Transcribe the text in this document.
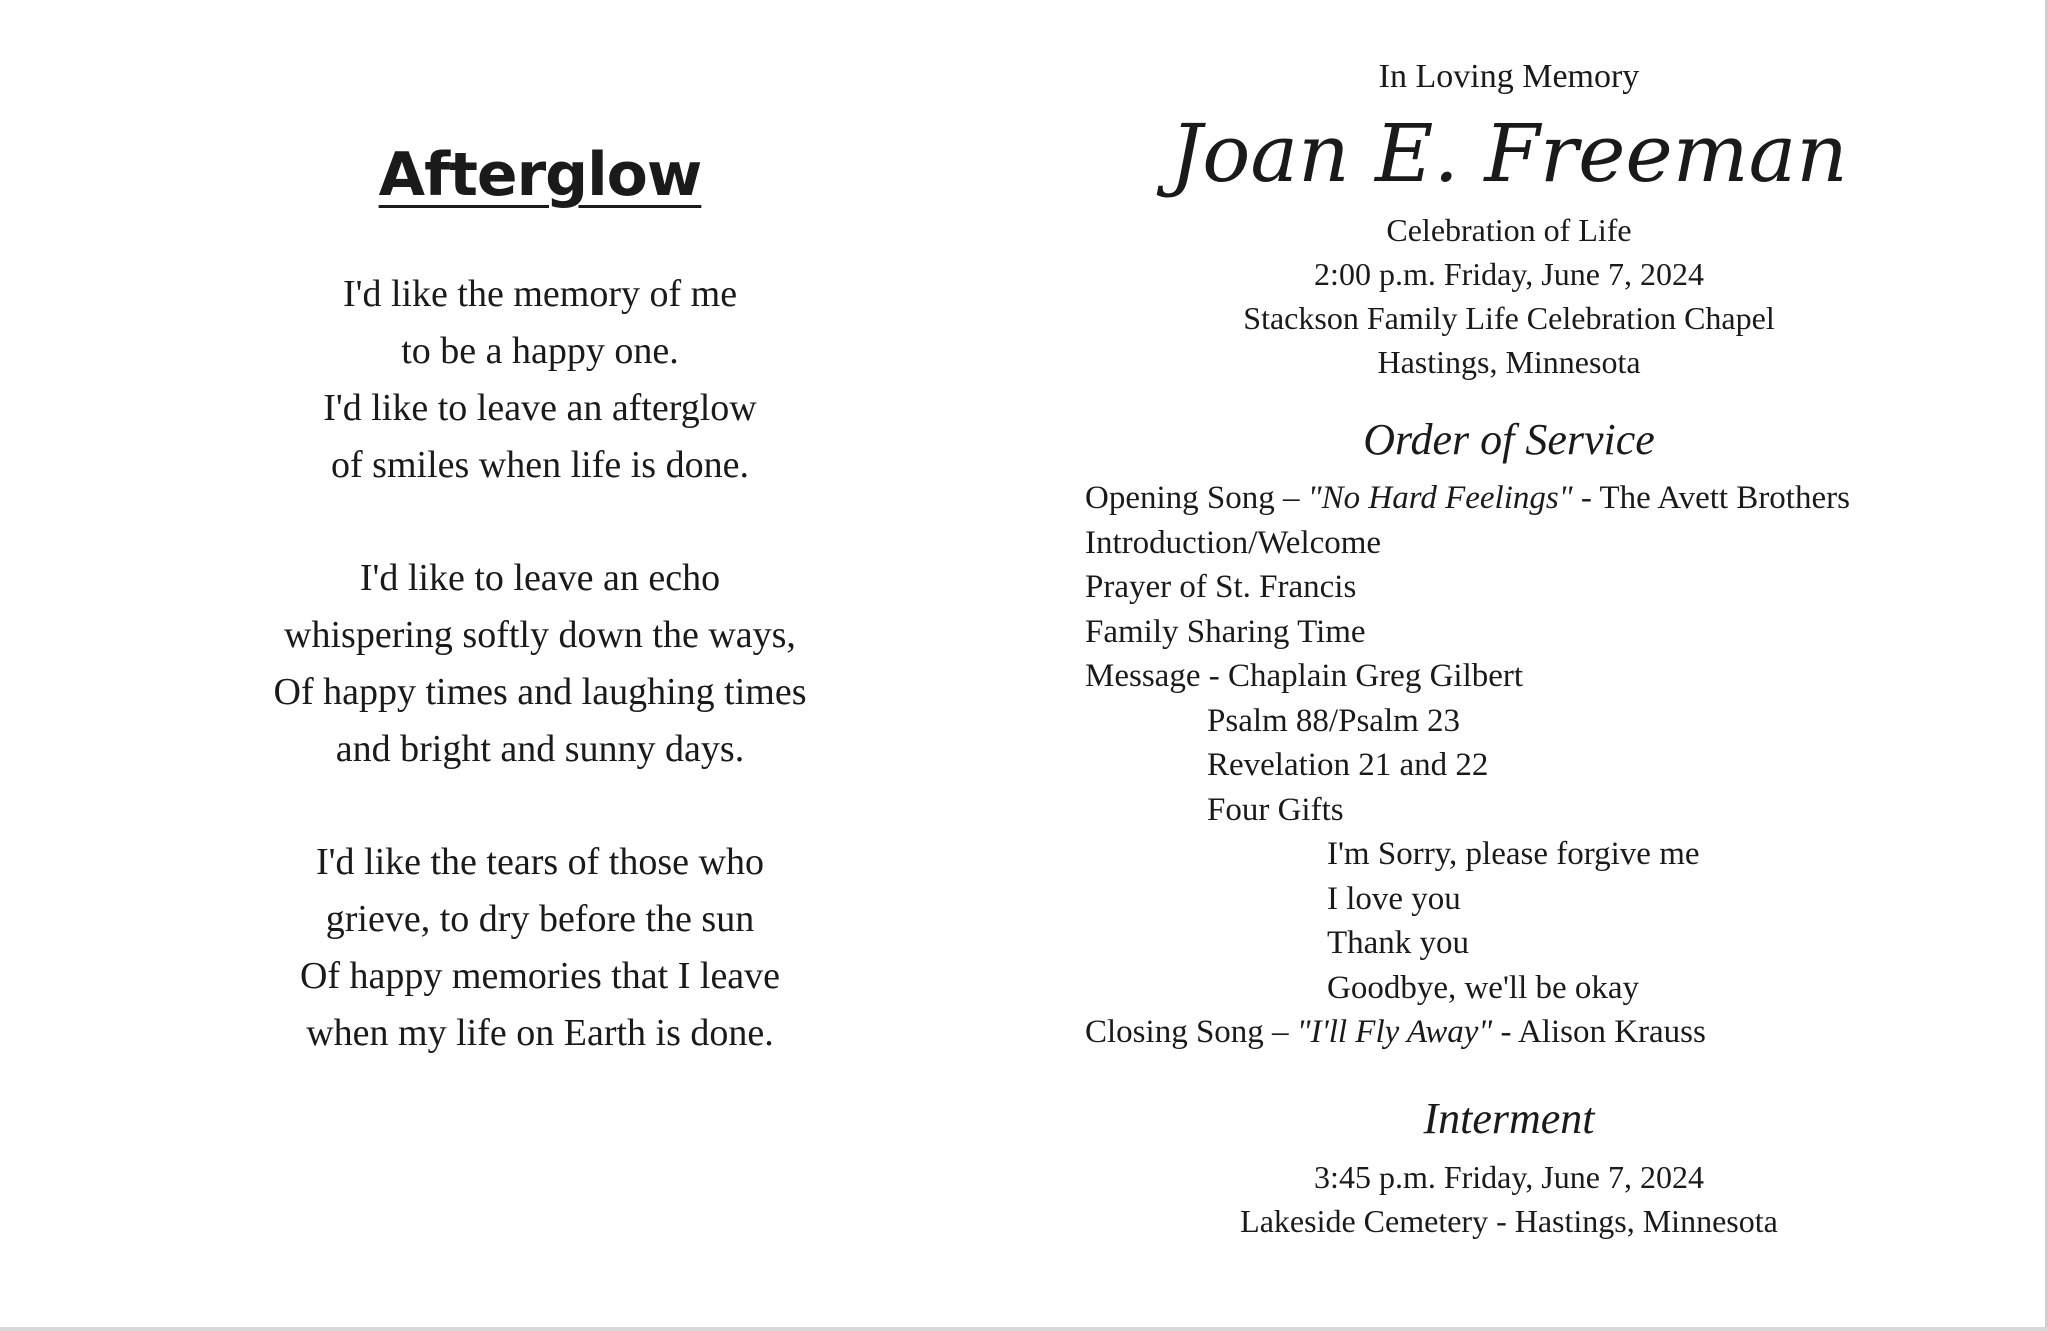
Afterglow
I'd like the memory of me
to be a happy one.
I'd like to leave an afterglow
of smiles when life is done.
I'd like to leave an echo
whispering softly down the ways,
Of happy times and laughing times
and bright and sunny days.
I'd like the tears of those who
grieve, to dry before the sun
Of happy memories that I leave
when my life on Earth is done.
In Loving Memory
Joan E. Freeman
Celebration of Life
2:00 p.m. Friday, June 7, 2024
Stackson Family Life Celebration Chapel
Hastings, Minnesota
Order of Service
Opening Song – "No Hard Feelings" - The Avett Brothers
Introduction/Welcome
Prayer of St. Francis
Family Sharing Time
Message - Chaplain Greg Gilbert
Psalm 88/Psalm 23
Revelation 21 and 22
Four Gifts
I'm Sorry, please forgive me
I love you
Thank you
Goodbye, we'll be okay
Closing Song – "I'll Fly Away" - Alison Krauss
Interment
3:45 p.m. Friday, June 7, 2024
Lakeside Cemetery - Hastings, Minnesota
